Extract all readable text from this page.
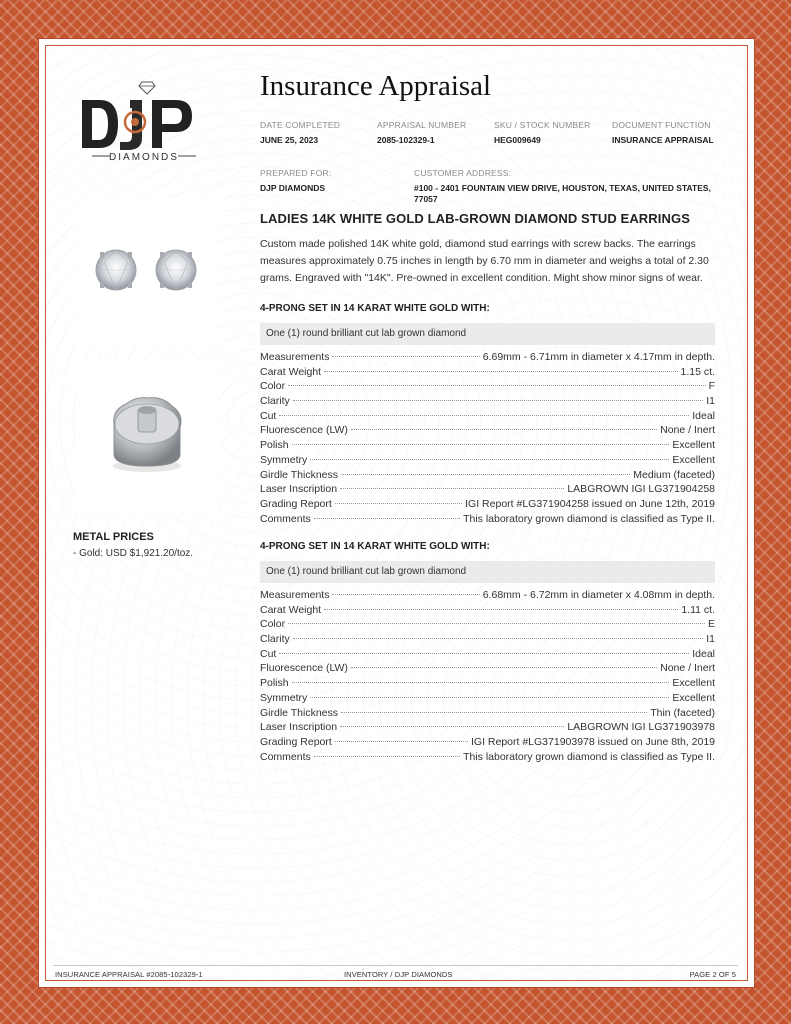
DIAMONDS
Insurance Appraisal
DATE COMPLETED
JUNE 25, 2023
APPRAISAL NUMBER
2085-102329-1
SKU / STOCK NUMBER
HEG009649
DOCUMENT FUNCTION
INSURANCE APPRAISAL
PREPARED FOR:
DJP DIAMONDS
CUSTOMER ADDRESS:
#100 - 2401 FOUNTAIN VIEW DRIVE, HOUSTON, TEXAS, UNITED STATES,
77057
LADIES 14K WHITE GOLD LAB-GROWN DIAMOND STUD EARRINGS

Custom made polished 14K white gold, diamond stud earrings with screw backs. The earrings measures approximately 0.75 inches in length by 6.70 mm in diameter and weighs a total of 2.30 grams. Engraved with "14K". Pre-owned in excellent condition. Might show minor signs of wear.

4-PRONG SET IN 14 KARAT WHITE GOLD WITH:
One (1) round brilliant cut lab grown diamond
Measurements	6.69mm - 6.71mm in diameter x 4.17mm in depth.
Carat Weight	1.15 ct.
Color	F
Clarity	I1
Cut	Ideal
Fluorescence (LW)	None / Inert
Polish	Excellent
Symmetry	Excellent
Girdle Thickness	Medium (faceted)
Laser Inscription	LABGROWN IGI LG371904258
Grading Report	IGI Report #LG371904258 issued on June 12th, 2019
Comments	This laboratory grown diamond is classified as Type II.
4-PRONG SET IN 14 KARAT WHITE GOLD WITH:
One (1) round brilliant cut lab grown diamond
Measurements	6.68mm - 6.72mm in diameter x 4.08mm in depth.
Carat Weight	1.11 ct.
Color	E
Clarity	I1
Cut	Ideal
Fluorescence (LW)	None / Inert
Polish	Excellent
Symmetry	Excellent
Girdle Thickness	Thin (faceted)
Laser Inscription	LABGROWN IGI LG371903978
Grading Report	IGI Report #LG371903978 issued on June 8th, 2019
Comments	This laboratory grown diamond is classified as Type II.
METAL PRICES
- Gold: USD $1,921.20/toz.
INSURANCE APPRAISAL #2085-102329-1	INVENTORY / DJP DIAMONDS	PAGE 2 OF 5
